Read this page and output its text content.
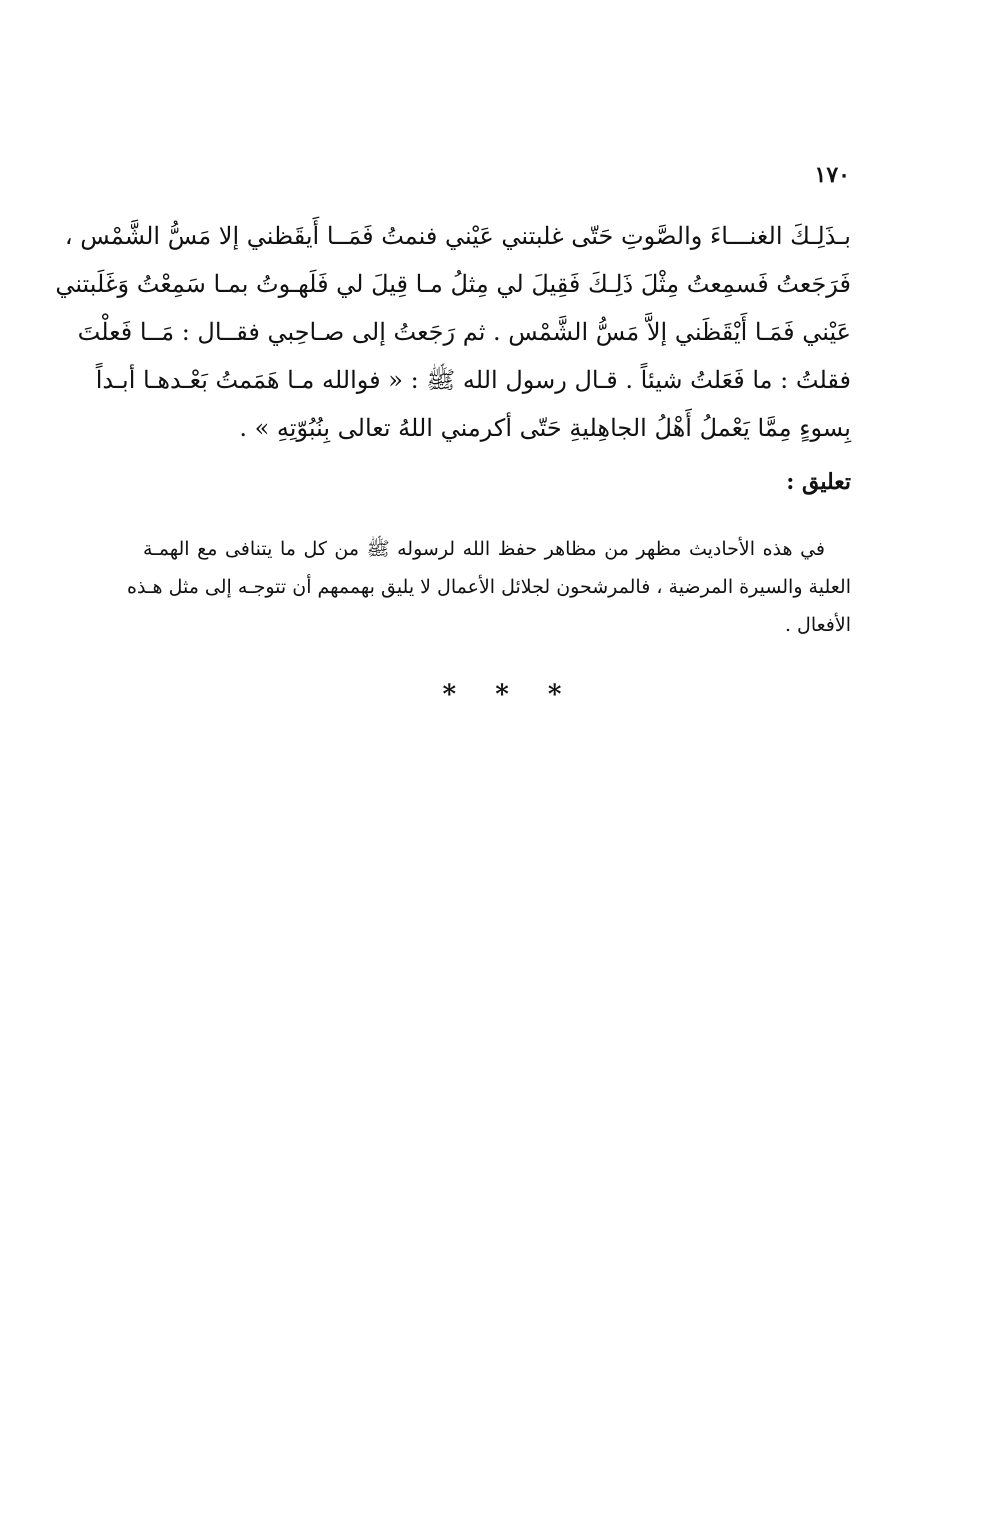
١٧٠
بـذَلِـكَ الغنـــاءَ والصَّوتِ حَتّى غلبتني عَيْني فنمتُ فَمَــا أَيقَظني إلا مَسُّ الشَّمْس ،
فَرَجَعتُ فَسمِعتُ مِثْلَ ذَلِـكَ فَقِيلَ لي مِثلُ مـا قِيلَ لي فَلَهـوتُ بمـا سَمِعْتُ وَغَلَبتني
عَيْني فَمَـا أَيْقَظَني إلاَّ مَسُّ الشَّمْس . ثم رَجَعتُ إلى صـاحِبي فقــال : مَــا فَعلْتَ
فقلتُ : ما فَعَلتُ شيئاً . قـال رسول الله ﷺ : « فوالله مـا هَمَمتُ بَعْـدهـا أبـداً
بِسوءٍ مِمَّا يَعْملُ أَهْلُ الجاهِليةِ حَتّى أكرمني اللهُ تعالى بِنُبُوّتِهِ » .
تعليق :
في هذه الأحاديث مظهر من مظاهر حفظ الله لرسوله ﷺ من كل ما يتنافى مع الهمـة
العلية والسيرة المرضية ، فالمرشحون لجلائل الأعمال لا يليق بهممهم أن تتوجـه إلى مثل هـذه
الأفعال .
* * *
